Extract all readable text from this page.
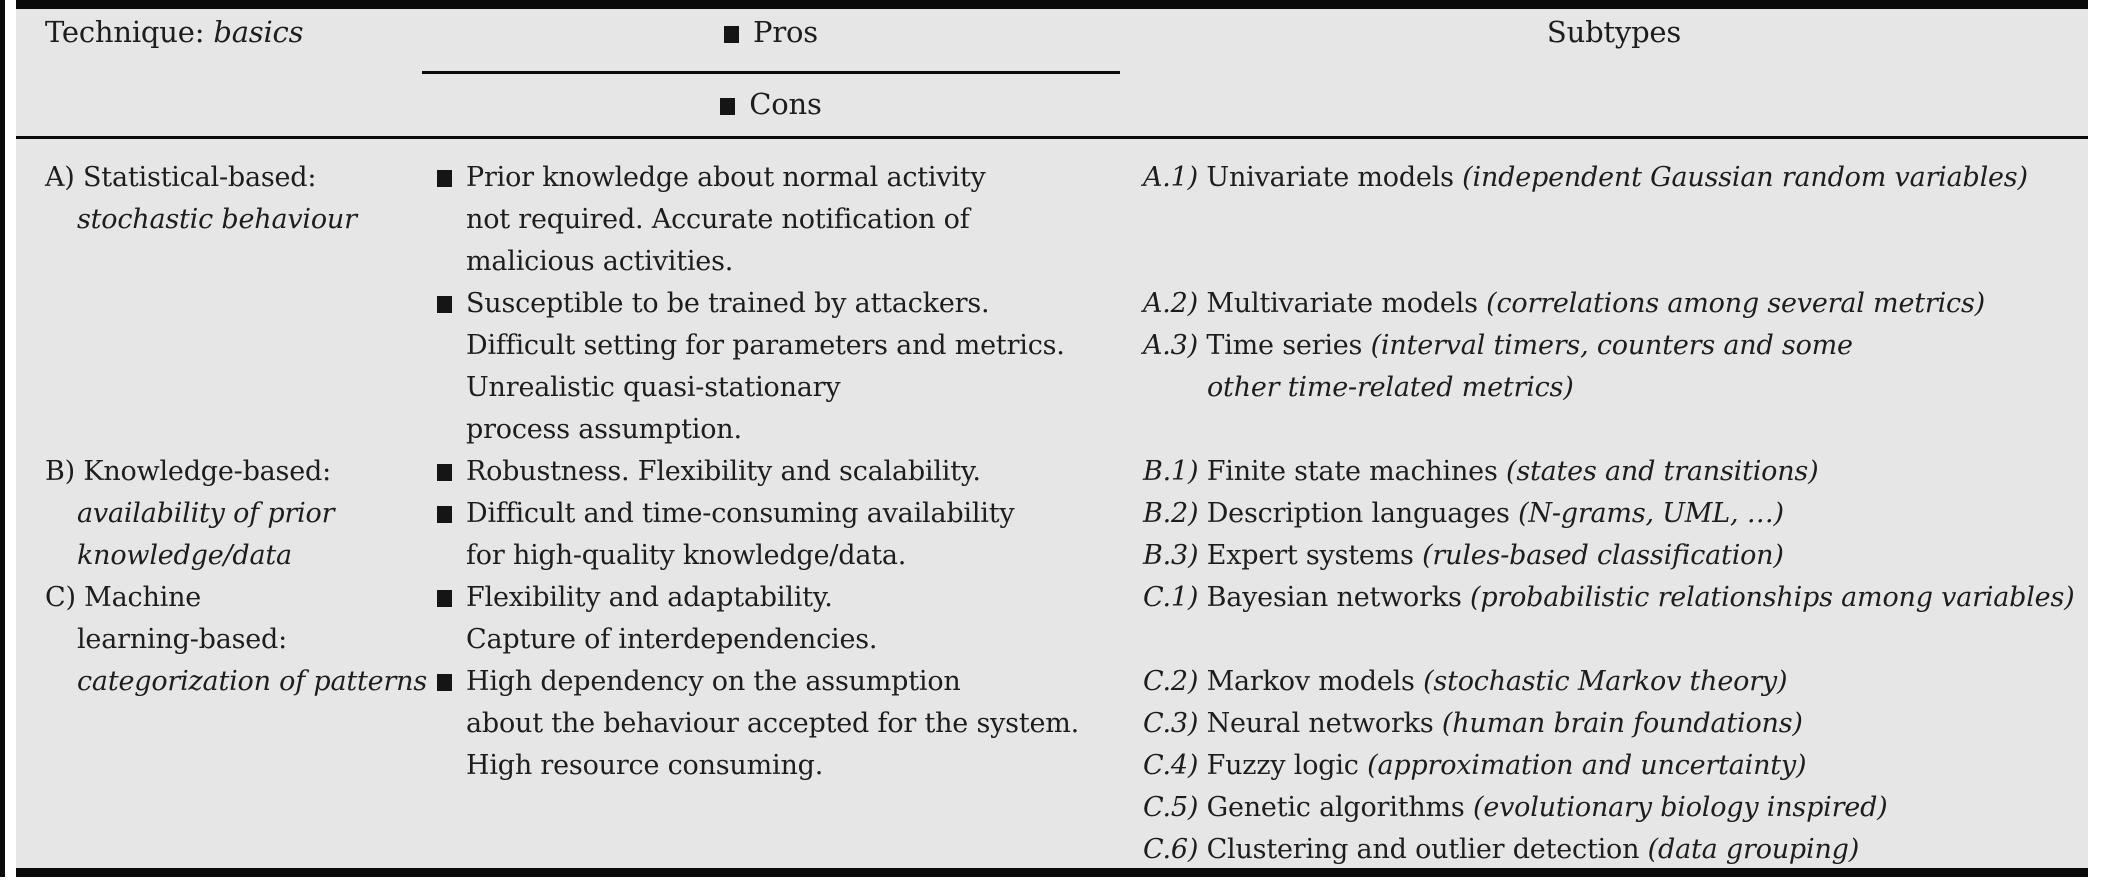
Technique: basics	Pros
Cons
Subtypes
A) Statistical-based:
stochastic behaviour

B) Knowledge-based:
availability of prior
knowledge/data
C) Machine
learning-based:
categorization of patterns

Prior knowledge about normal activity
not required. Accurate notification of
malicious activities.
Susceptible to be trained by attackers.
Difficult setting for parameters and metrics.
Unrealistic quasi-stationary
process assumption.
Robustness. Flexibility and scalability.
Difficult and time-consuming availability
for high-quality knowledge/data.
Flexibility and adaptability.
Capture of interdependencies.
High dependency on the assumption
about the behaviour accepted for the system.
High resource consuming.

A.1) Univariate models (independent Gaussian random variables)

A.2) Multivariate models (correlations among several metrics)
A.3) Time series (interval timers, counters and some
other time-related metrics)

B.1) Finite state machines (states and transitions)
B.2) Description languages (N-grams, UML, …)
B.3) Expert systems (rules-based classification)
C.1) Bayesian networks (probabilistic relationships among variables)

C.2) Markov models (stochastic Markov theory)
C.3) Neural networks (human brain foundations)
C.4) Fuzzy logic (approximation and uncertainty)
C.5) Genetic algorithms (evolutionary biology inspired)
C.6) Clustering and outlier detection (data grouping)
